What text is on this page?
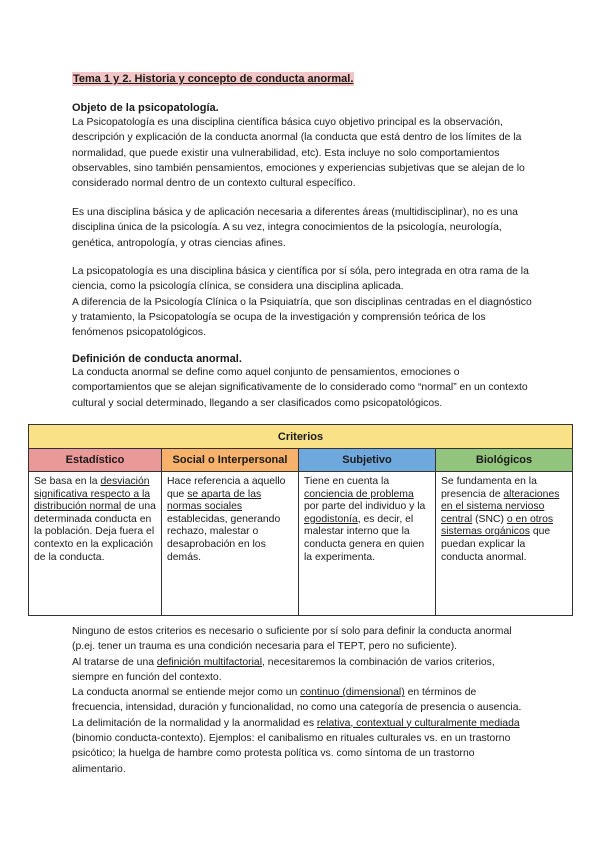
Tema 1 y 2. Historia y concepto de conducta anormal.
Objeto de la psicopatología.

La Psicopatología es una disciplina científica básica cuyo objetivo principal es la observación, descripción y explicación de la conducta anormal (la conducta que está dentro de los límites de la normalidad, que puede existir una vulnerabilidad, etc). Esta incluye no solo comportamientos observables, sino también pensamientos, emociones y experiencias subjetivas que se alejan de lo considerado normal dentro de un contexto cultural específico.

Es una disciplina básica y de aplicación necesaria a diferentes áreas (multidisciplinar), no es una disciplina única de la psicología. A su vez, integra conocimientos de la psicología, neurología, genética, antropología, y otras ciencias afines.

La psicopatología es una disciplina básica y científica por sí sóla, pero integrada en otra rama de la ciencia, como la psicología clínica, se considera una disciplina aplicada.

A diferencia de la Psicología Clínica o la Psiquiatría, que son disciplinas centradas en el diagnóstico y tratamiento, la Psicopatología se ocupa de la investigación y comprensión teórica de los fenómenos psicopatológicos.

Definición de conducta anormal.

La conducta anormal se define como aquel conjunto de pensamientos, emociones o comportamientos que se alejan significativamente de lo considerado como “normal” en un contexto cultural y social determinado, llegando a ser clasificados como psicopatológicos.

Criterios			
Estadístico	Social o Interpersonal	Subjetivo	Biológicos
Se basa en la desviación significativa respecto a la distribución normal de una determinada conducta en la población. Deja fuera el contexto en la explicación de la conducta.	Hace referencia a aquello que se aparta de las normas sociales establecidas, generando rechazo, malestar o desaprobación en los demás.	Tiene en cuenta la conciencia de problema por parte del individuo y la egodistonía, es decir, el malestar interno que la conducta genera en quien la experimenta.	Se fundamenta en la presencia de alteraciones en el sistema nervioso central (SNC) o en otros sistemas orgánicos que puedan explicar la conducta anormal.

Ninguno de estos criterios es necesario o suficiente por sí solo para definir la conducta anormal (p.ej. tener un trauma es una condición necesaria para el TEPT, pero no suficiente).

Al tratarse de una definición multifactorial, necesitaremos la combinación de varios criterios, siempre en función del contexto.

La conducta anormal se entiende mejor como un continuo (dimensional) en términos de frecuencia, intensidad, duración y funcionalidad, no como una categoría de presencia o ausencia. La delimitación de la normalidad y la anormalidad es relativa, contextual y culturalmente mediada (binomio conducta-contexto). Ejemplos: el canibalismo en rituales culturales vs. en un trastorno psicótico; la huelga de hambre como protesta política vs. como síntoma de un trastorno alimentario.
